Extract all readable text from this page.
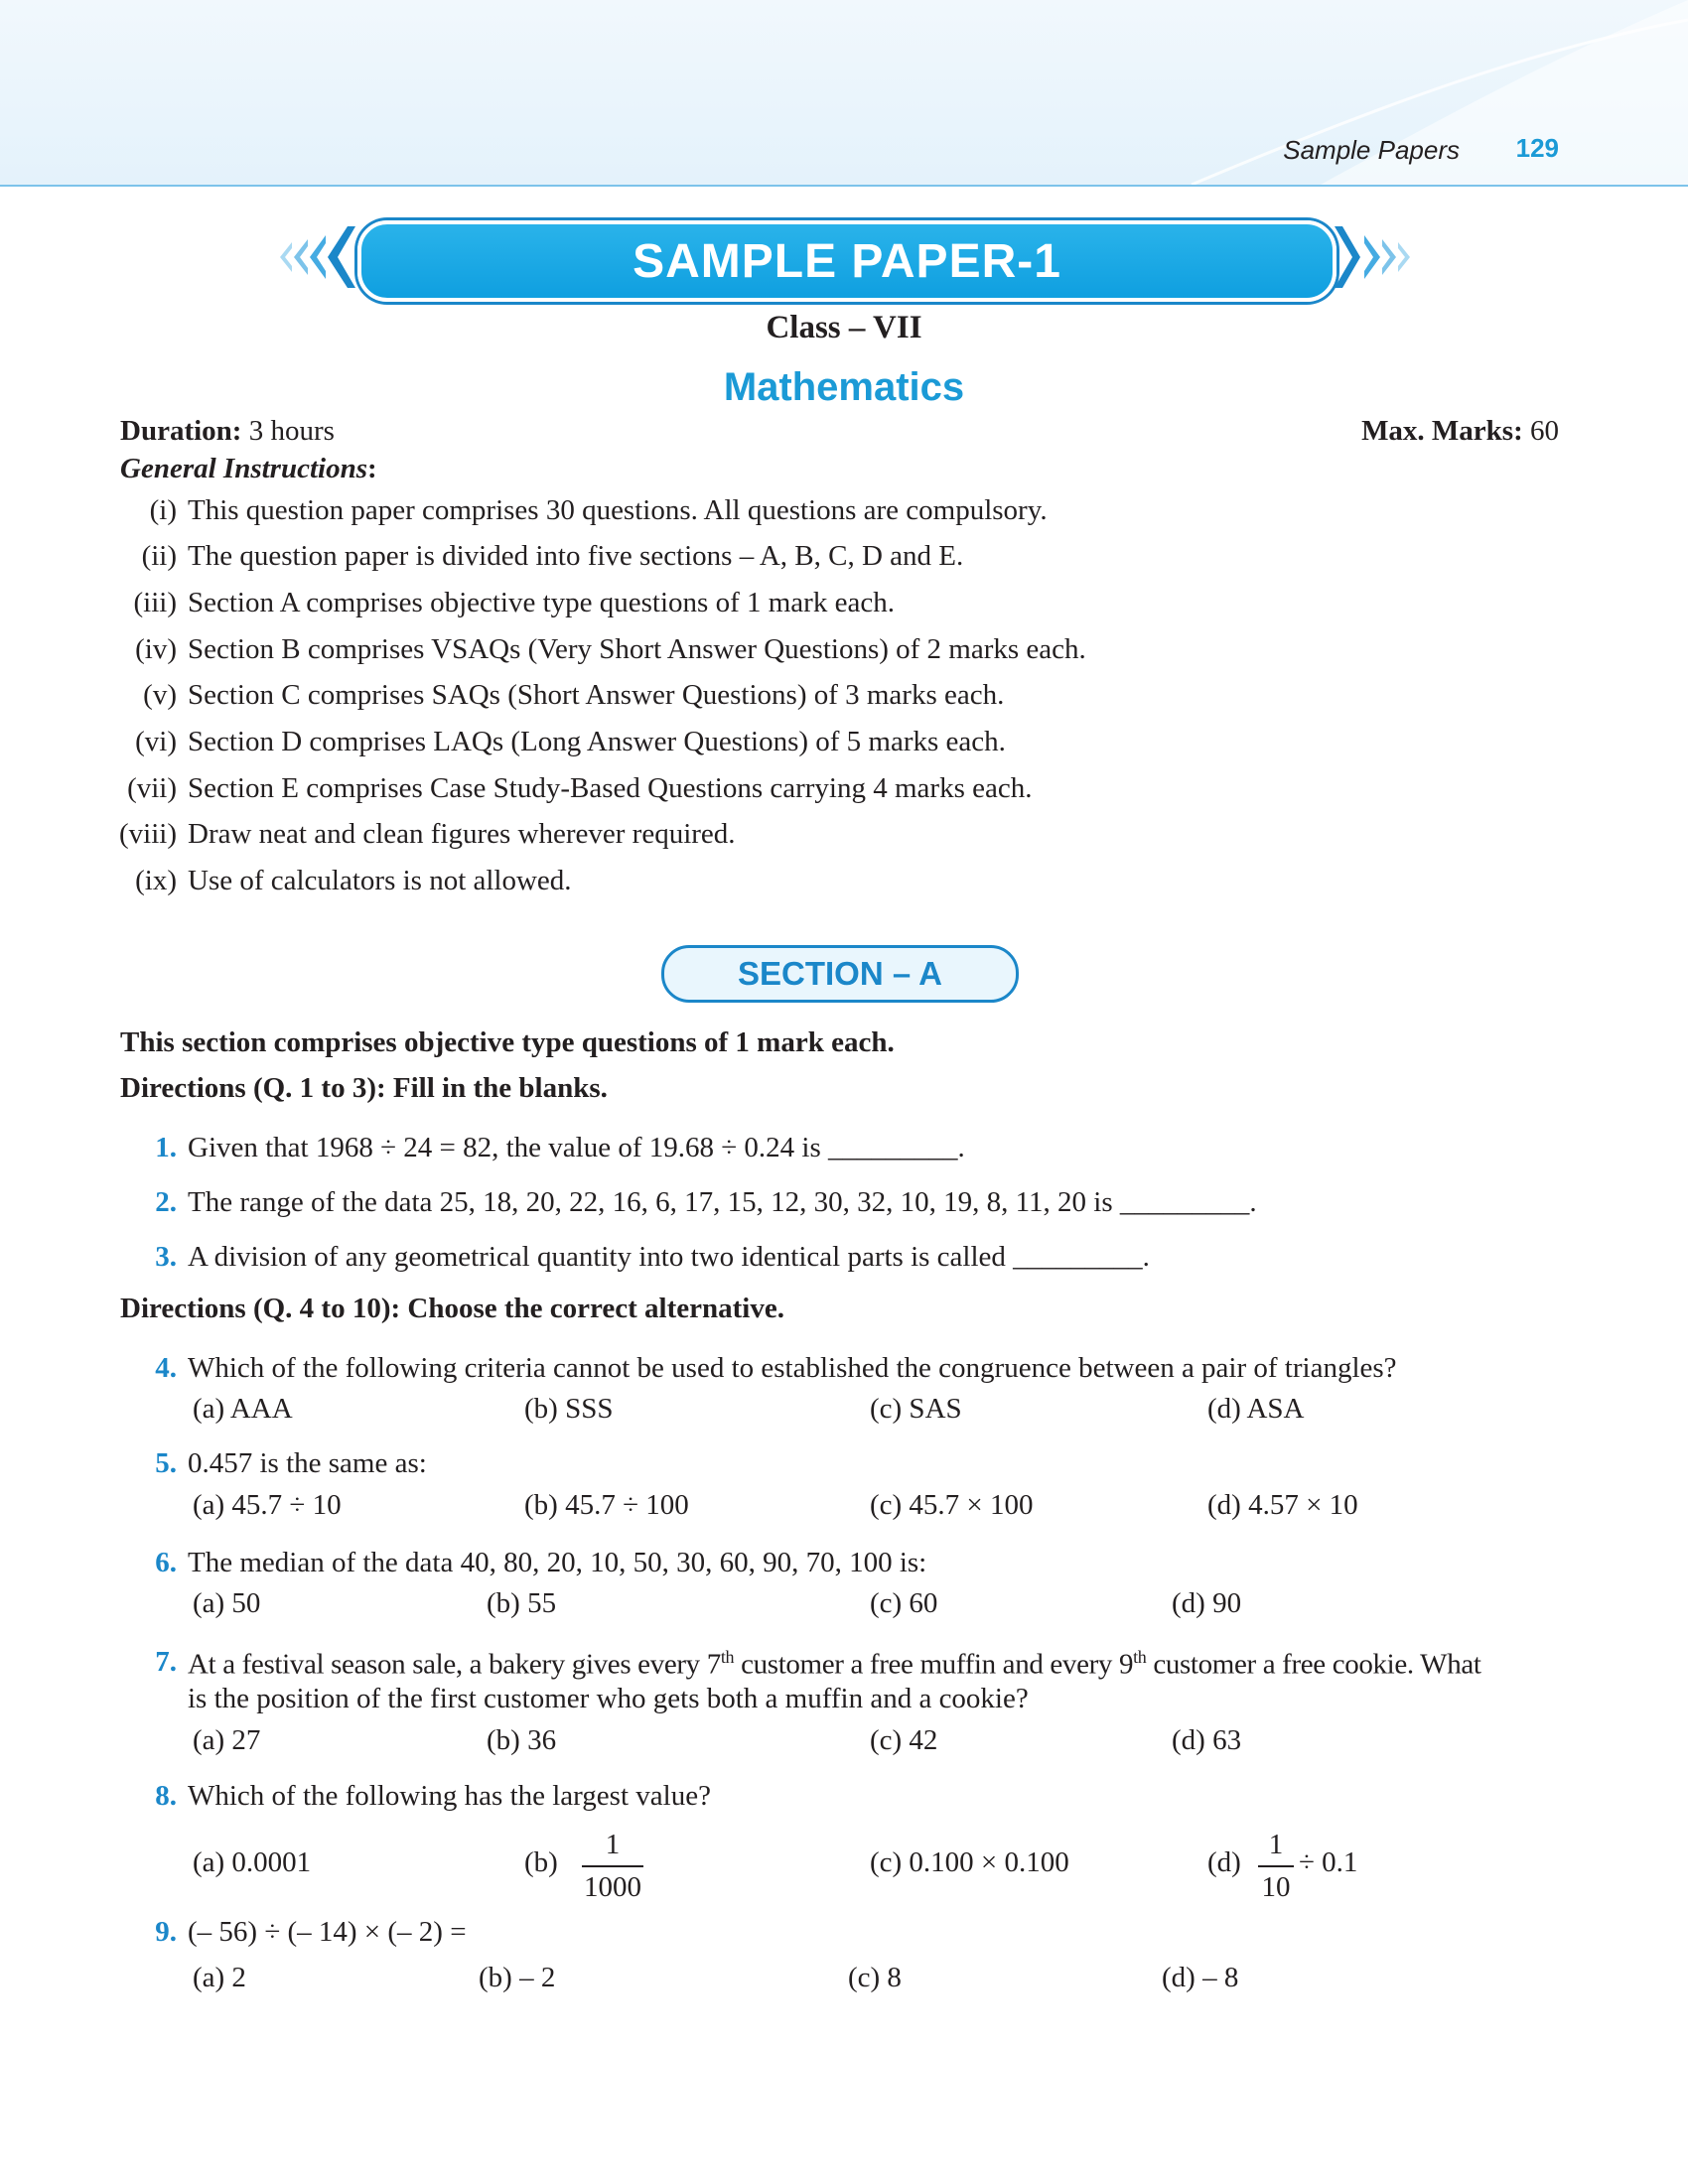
Sample Papers 129
SAMPLE PAPER-1
Class – VII
Mathematics
Duration: 3 hours	Max. Marks: 60
General Instructions:
(i) This question paper comprises 30 questions. All questions are compulsory.
(ii) The question paper is divided into five sections – A, B, C, D and E.
(iii) Section A comprises objective type questions of 1 mark each.
(iv) Section B comprises VSAQs (Very Short Answer Questions) of 2 marks each.
(v) Section C comprises SAQs (Short Answer Questions) of 3 marks each.
(vi) Section D comprises LAQs (Long Answer Questions) of 5 marks each.
(vii) Section E comprises Case Study-Based Questions carrying 4 marks each.
(viii) Draw neat and clean figures wherever required.
(ix) Use of calculators is not allowed.
SECTION – A
This section comprises objective type questions of 1 mark each.
Directions (Q. 1 to 3): Fill in the blanks.
1. Given that 1968 ÷ 24 = 82, the value of 19.68 ÷ 0.24 is _________.
2. The range of the data 25, 18, 20, 22, 16, 6, 17, 15, 12, 30, 32, 10, 19, 8, 11, 20 is _________.
3. A division of any geometrical quantity into two identical parts is called _________.
Directions (Q. 4 to 10): Choose the correct alternative.
4. Which of the following criteria cannot be used to established the congruence between a pair of triangles?
(a) AAA	(b) SSS	(c) SAS	(d) ASA
5. 0.457 is the same as:
(a) 45.7 ÷ 10	(b) 45.7 ÷ 100	(c) 45.7 × 100	(d) 4.57 × 10
6. The median of the data 40, 80, 20, 10, 50, 30, 60, 90, 70, 100 is:
(a) 50	(b) 55	(c) 60	(d) 90
7. At a festival season sale, a bakery gives every 7th customer a free muffin and every 9th customer a free cookie. What
is the position of the first customer who gets both a muffin and a cookie?
(a) 27	(b) 36	(c) 42	(d) 63
8. Which of the following has the largest value?
(a) 0.0001	(b)
1
1000
(c) 0.100 × 0.100	(d)
1
10
÷ 0.1
9. (– 56) ÷ (– 14) × (– 2) =
(a) 2	(b) – 2	(c) 8	(d) – 8
